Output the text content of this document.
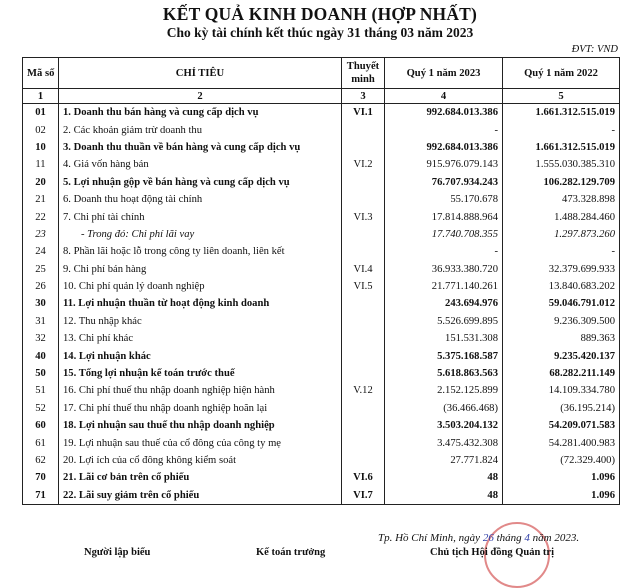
KẾT QUẢ KINH DOANH (HỢP NHẤT)
Cho kỳ tài chính kết thúc ngày 31 tháng 03 năm 2023
ĐVT: VND
Mã số	CHỈ TIÊU	Thuyết minh	Quý 1 năm 2023	Quý 1 năm 2022
1	2	3	4	5
01	1. Doanh thu bán hàng và cung cấp dịch vụ	VI.1	992.684.013.386	1.661.312.515.019
02	2. Các khoản giảm trừ doanh thu		-	-
10	3. Doanh thu thuần về bán hàng và cung cấp dịch vụ		992.684.013.386	1.661.312.515.019
11	4. Giá vốn hàng bán	VI.2	915.976.079.143	1.555.030.385.310
20	5. Lợi nhuận gộp về bán hàng và cung cấp dịch vụ		76.707.934.243	106.282.129.709
21	6. Doanh thu hoạt động tài chính		55.170.678	473.328.898
22	7. Chi phí tài chính	VI.3	17.814.888.964	1.488.284.460
23	- Trong đó: Chi phí lãi vay		17.740.708.355	1.297.873.260
24	8. Phần lãi hoặc lỗ trong công ty liên doanh, liên kết		-	-
25	9. Chi phí bán hàng	VI.4	36.933.380.720	32.379.699.933
26	10. Chi phí quản lý doanh nghiệp	VI.5	21.771.140.261	13.840.683.202
30	11. Lợi nhuận thuần từ hoạt động kinh doanh		243.694.976	59.046.791.012
31	12. Thu nhập khác		5.526.699.895	9.236.309.500
32	13. Chi phí khác		151.531.308	889.363
40	14. Lợi nhuận khác		5.375.168.587	9.235.420.137
50	15. Tổng lợi nhuận kế toán trước thuế		5.618.863.563	68.282.211.149
51	16. Chi phí thuế thu nhập doanh nghiệp hiện hành	V.12	2.152.125.899	14.109.334.780
52	17. Chi phí thuế thu nhập doanh nghiệp hoãn lại		(36.466.468)	(36.195.214)
60	18. Lợi nhuận sau thuế thu nhập doanh nghiệp		3.503.204.132	54.209.071.583
61	19. Lợi nhuận sau thuế của cổ đông của công ty mẹ		3.475.432.308	54.281.400.983
62	20. Lợi ích của cổ đông không kiểm soát		27.771.824	(72.329.400)
70	21. Lãi cơ bản trên cổ phiếu	VI.6	48	1.096
71	22. Lãi suy giảm trên cổ phiếu	VI.7	48	1.096
Tp. Hồ Chí Minh, ngày 26 tháng 4 năm 2023.
Người lập biểu	Kế toán trưởng	Chủ tịch Hội đồng Quản trị
